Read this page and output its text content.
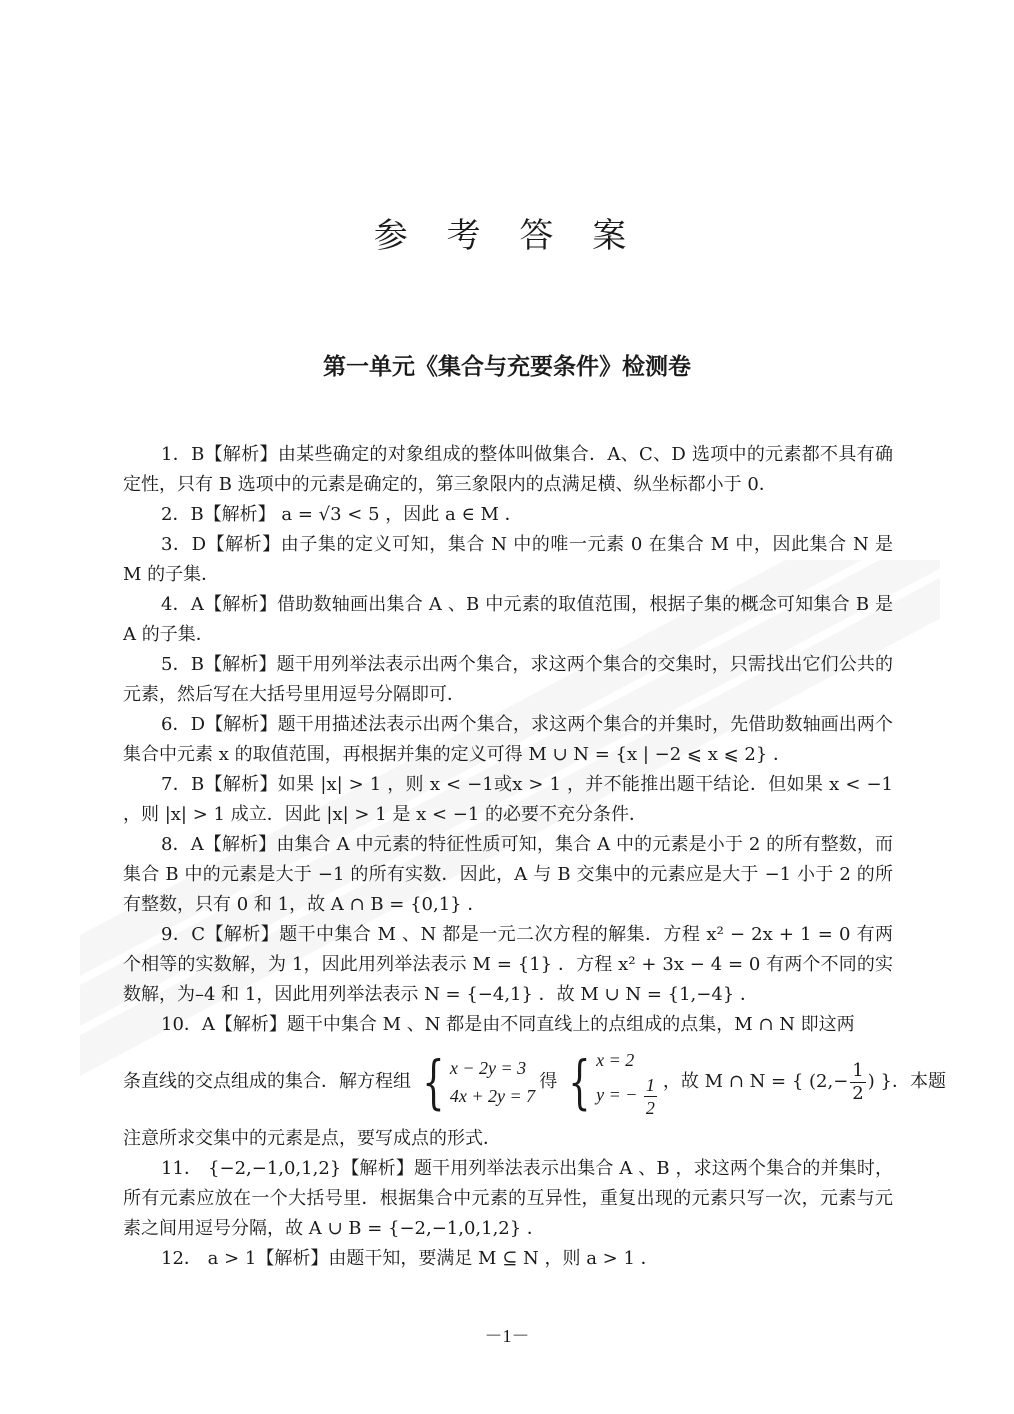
参 考 答 案
第一单元《集合与充要条件》检测卷

1．B【解析】由某些确定的对象组成的整体叫做集合．A、C、D 选项中的元素都不具有确定性，只有 B 选项中的元素是确定的，第三象限内的点满足横、纵坐标都小于 0．

2．B【解析】 a = √3 < 5 ，因此 a ∈ M ．

3．D【解析】由子集的定义可知，集合 N 中的唯一元素 0 在集合 M 中，因此集合 N 是 M 的子集．

4．A【解析】借助数轴画出集合 A 、B 中元素的取值范围，根据子集的概念可知集合 B 是 A 的子集．

5．B【解析】题干用列举法表示出两个集合，求这两个集合的交集时，只需找出它们公共的元素，然后写在大括号里用逗号分隔即可．

6．D【解析】题干用描述法表示出两个集合，求这两个集合的并集时，先借助数轴画出两个集合中元素 x 的取值范围，再根据并集的定义可得 M ∪ N = {x | −2 ⩽ x ⩽ 2} ．

7．B【解析】如果 |x| > 1 ，则 x < −1或x > 1 ，并不能推出题干结论．但如果 x < −1 ，则 |x| > 1 成立．因此 |x| > 1 是 x < −1 的必要不充分条件．

8．A【解析】由集合 A 中元素的特征性质可知，集合 A 中的元素是小于 2 的所有整数，而集合 B 中的元素是大于 −1 的所有实数．因此，A 与 B 交集中的元素应是大于 −1 小于 2 的所有整数，只有 0 和 1，故 A ∩ B = {0,1} ．

9．C【解析】题干中集合 M 、N 都是一元二次方程的解集．方程 x² − 2x + 1 = 0 有两个相等的实数解，为 1，因此用列举法表示 M = {1} ．方程 x² + 3x − 4 = 0 有两个不同的实数解，为–4 和 1，因此用列举法表示 N = {−4,1} ．故 M ∪ N = {1,−4} ．

10．A【解析】题干中集合 M 、N 都是由不同直线上的点组成的点集，M ∩ N 即这两

条直线的交点组成的集合．解方程组 { x − 2y = 3
4x + 2y = 7
得 { x = 2
y = − $\frac{1}{2}$ ，故 M ∩ N = { ($2,- \frac{1}{2}$ ) }．本题

注意所求交集中的元素是点，要写成点的形式．

11． {−2,−1,0,1,2}【解析】题干用列举法表示出集合 A 、B ，求这两个集合的并集时，所有元素应放在一个大括号里．根据集合中元素的互异性，重复出现的元素只写一次，元素与元素之间用逗号分隔，故 A ∪ B = {−2,−1,0,1,2} ．

12． a > 1【解析】由题干知，要满足 M ⊆ N ，则 a > 1 ．

－1－
